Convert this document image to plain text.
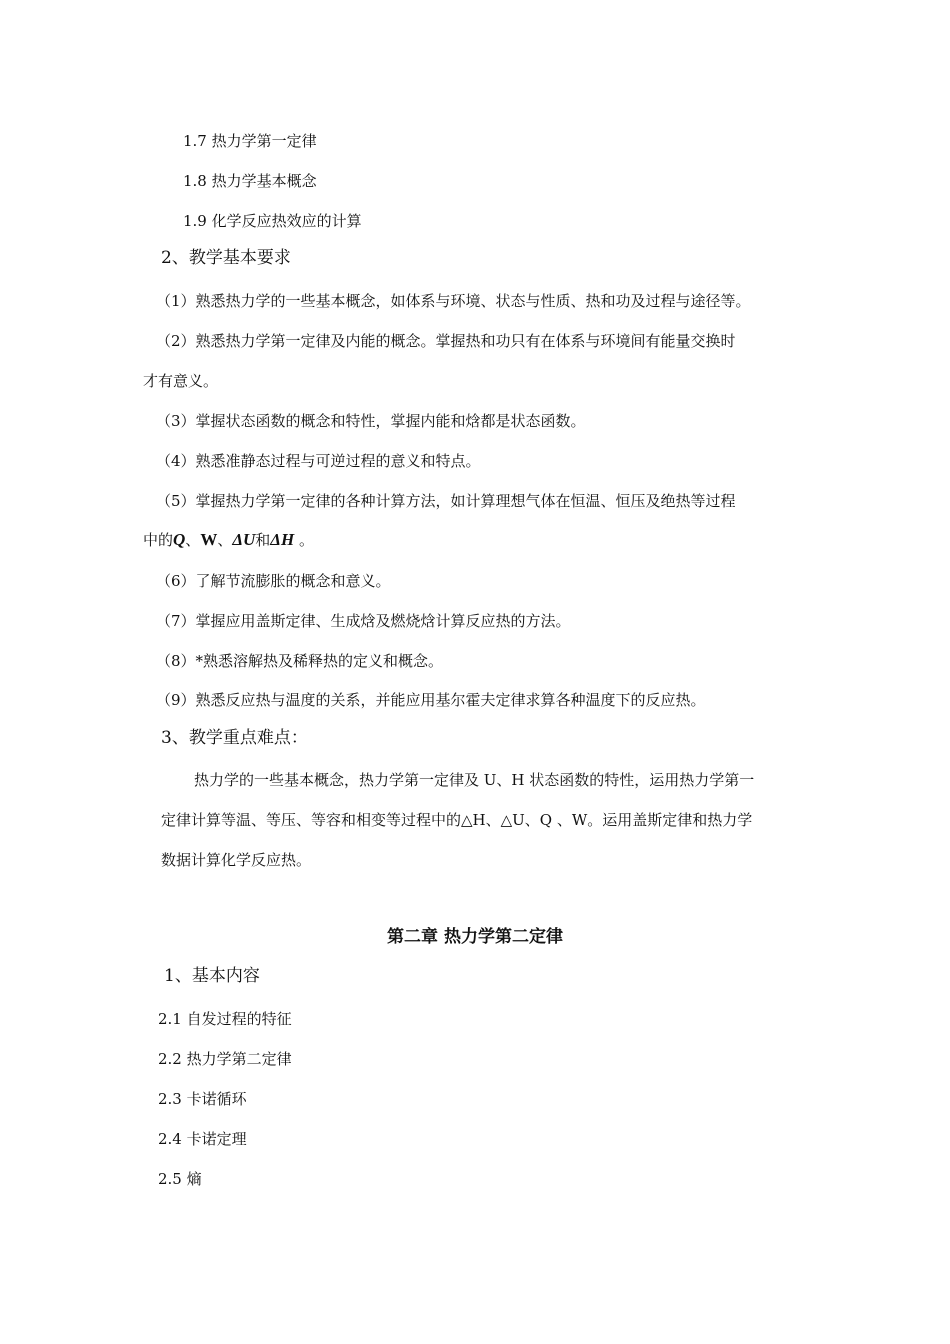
1.7 热力学第一定律
1.8 热力学基本概念
1.9 化学反应热效应的计算
2、教学基本要求
（1）熟悉热力学的一些基本概念，如体系与环境、状态与性质、热和功及过程与途径等。
（2）熟悉热力学第一定律及内能的概念。掌握热和功只有在体系与环境间有能量交换时
才有意义。
（3）掌握状态函数的概念和特性，掌握内能和焓都是状态函数。
（4）熟悉准静态过程与可逆过程的意义和特点。
（5）掌握热力学第一定律的各种计算方法，如计算理想气体在恒温、恒压及绝热等过程
中的Q、W、ΔU和ΔH 。
（6）了解节流膨胀的概念和意义。
（7）掌握应用盖斯定律、生成焓及燃烧焓计算反应热的方法。
（8）*熟悉溶解热及稀释热的定义和概念。
（9）熟悉反应热与温度的关系，并能应用基尔霍夫定律求算各种温度下的反应热。
3、教学重点难点：
热力学的一些基本概念，热力学第一定律及 U、H 状态函数的特性，运用热力学第一
定律计算等温、等压、等容和相变等过程中的△H、△U、Q 、W。运用盖斯定律和热力学
数据计算化学反应热。
第二章 热力学第二定律
1、基本内容
2.1 自发过程的特征
2.2 热力学第二定律
2.3 卡诺循环
2.4 卡诺定理
2.5 熵
